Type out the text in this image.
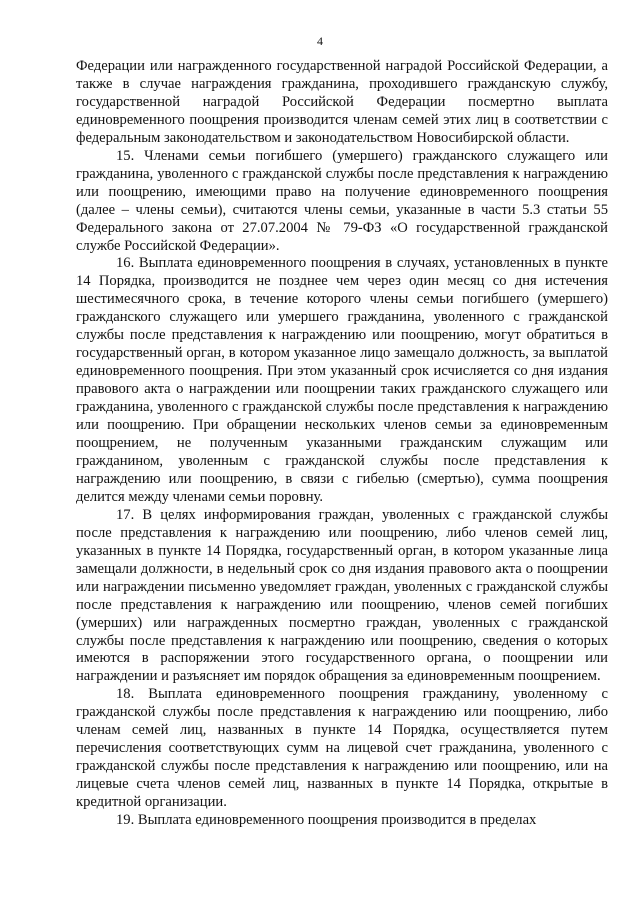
4

Федерации или награжденного государственной наградой Российской Федерации, а также в случае награждения гражданина, проходившего гражданскую службу, государственной наградой Российской Федерации посмертно выплата единовременного поощрения производится членам семей этих лиц в соответствии с федеральным законодательством и законодательством Новосибирской области.

15. Членами семьи погибшего (умершего) гражданского служащего или гражданина, уволенного с гражданской службы после представления к награждению или поощрению, имеющими право на получение единовременного поощрения (далее – члены семьи), считаются члены семьи, указанные в части 5.3 статьи 55 Федерального закона от 27.07.2004 № 79-ФЗ «О государственной гражданской службе Российской Федерации».

16. Выплата единовременного поощрения в случаях, установленных в пункте 14 Порядка, производится не позднее чем через один месяц со дня истечения шестимесячного срока, в течение которого члены семьи погибшего (умершего) гражданского служащего или умершего гражданина, уволенного с гражданской службы после представления к награждению или поощрению, могут обратиться в государственный орган, в котором указанное лицо замещало должность, за выплатой единовременного поощрения. При этом указанный срок исчисляется со дня издания правового акта о награждении или поощрении таких гражданского служащего или гражданина, уволенного с гражданской службы после представления к награждению или поощрению. При обращении нескольких членов семьи за единовременным поощрением, не полученным указанными гражданским служащим или гражданином, уволенным с гражданской службы после представления к награждению или поощрению, в связи с гибелью (смертью), сумма поощрения делится между членами семьи поровну.

17. В целях информирования граждан, уволенных с гражданской службы после представления к награждению или поощрению, либо членов семей лиц, указанных в пункте 14 Порядка, государственный орган, в котором указанные лица замещали должности, в недельный срок со дня издания правового акта о поощрении или награждении письменно уведомляет граждан, уволенных с гражданской службы после представления к награждению или поощрению, членов семей погибших (умерших) или награжденных посмертно граждан, уволенных с гражданской службы после представления к награждению или поощрению, сведения о которых имеются в распоряжении этого государственного органа, о поощрении или награждении и разъясняет им порядок обращения за единовременным поощрением.

18. Выплата единовременного поощрения гражданину, уволенному с гражданской службы после представления к награждению или поощрению, либо членам семей лиц, названных в пункте 14 Порядка, осуществляется путем перечисления соответствующих сумм на лицевой счет гражданина, уволенного с гражданской службы после представления к награждению или поощрению, или на лицевые счета членов семей лиц, названных в пункте 14 Порядка, открытые в кредитной организации.

19. Выплата единовременного поощрения производится в пределах
